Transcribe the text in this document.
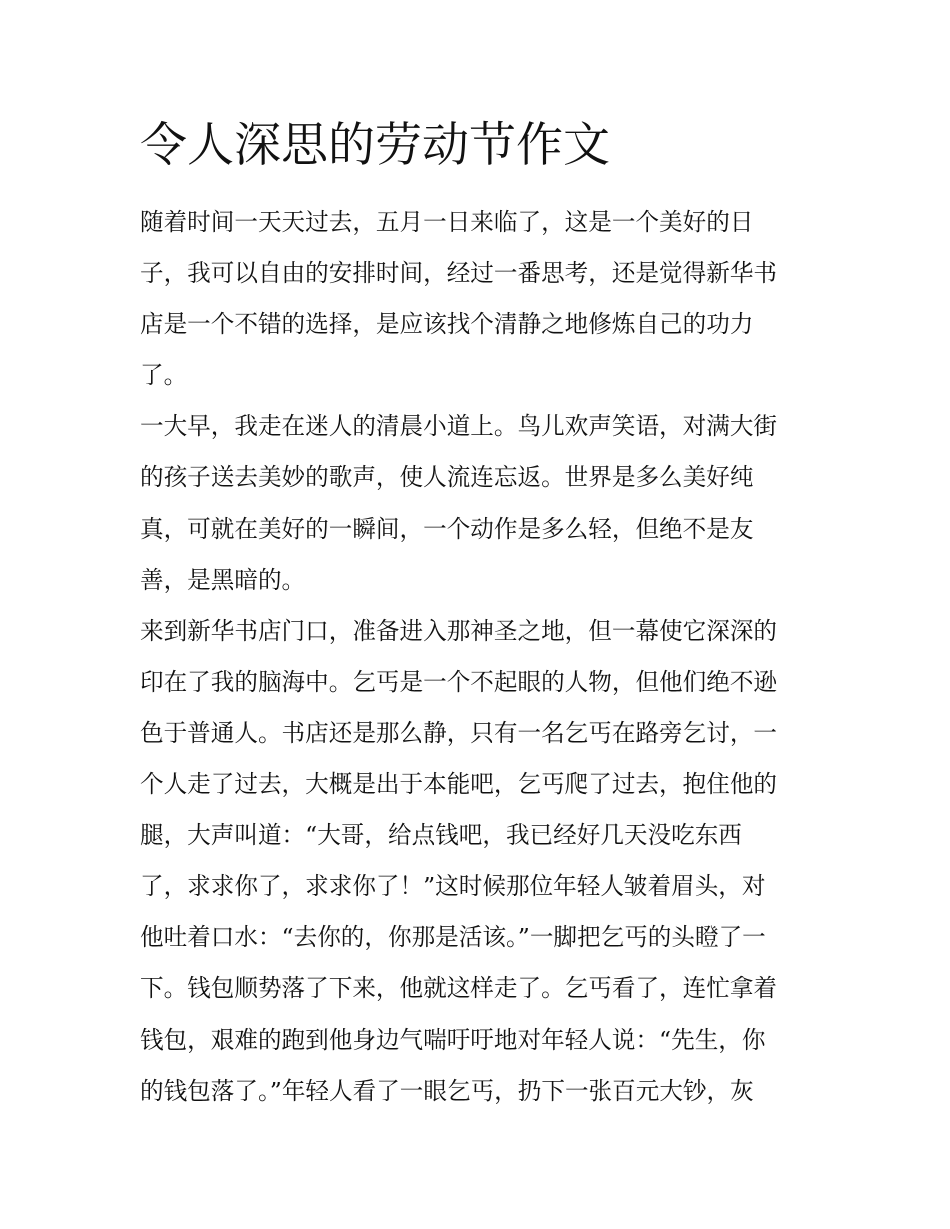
令人深思的劳动节作文
随着时间一天天过去，五月一日来临了，这是一个美好的日
子，我可以自由的安排时间，经过一番思考，还是觉得新华书
店是一个不错的选择，是应该找个清静之地修炼自己的功力
了。
一大早，我走在迷人的清晨小道上。鸟儿欢声笑语，对满大街
的孩子送去美妙的歌声，使人流连忘返。世界是多么美好纯
真，可就在美好的一瞬间，一个动作是多么轻，但绝不是友
善，是黑暗的。
来到新华书店门口，准备进入那神圣之地，但一幕使它深深的
印在了我的脑海中。乞丐是一个不起眼的人物，但他们绝不逊
色于普通人。书店还是那么静，只有一名乞丐在路旁乞讨，一
个人走了过去，大概是出于本能吧，乞丐爬了过去，抱住他的
腿，大声叫道：“大哥，给点钱吧，我已经好几天没吃东西
了，求求你了，求求你了！”这时候那位年轻人皱着眉头，对
他吐着口水：“去你的，你那是活该。”一脚把乞丐的头瞪了一
下。钱包顺势落了下来，他就这样走了。乞丐看了，连忙拿着
钱包，艰难的跑到他身边气喘吁吁地对年轻人说：“先生，你
的钱包落了。”年轻人看了一眼乞丐，扔下一张百元大钞，灰
